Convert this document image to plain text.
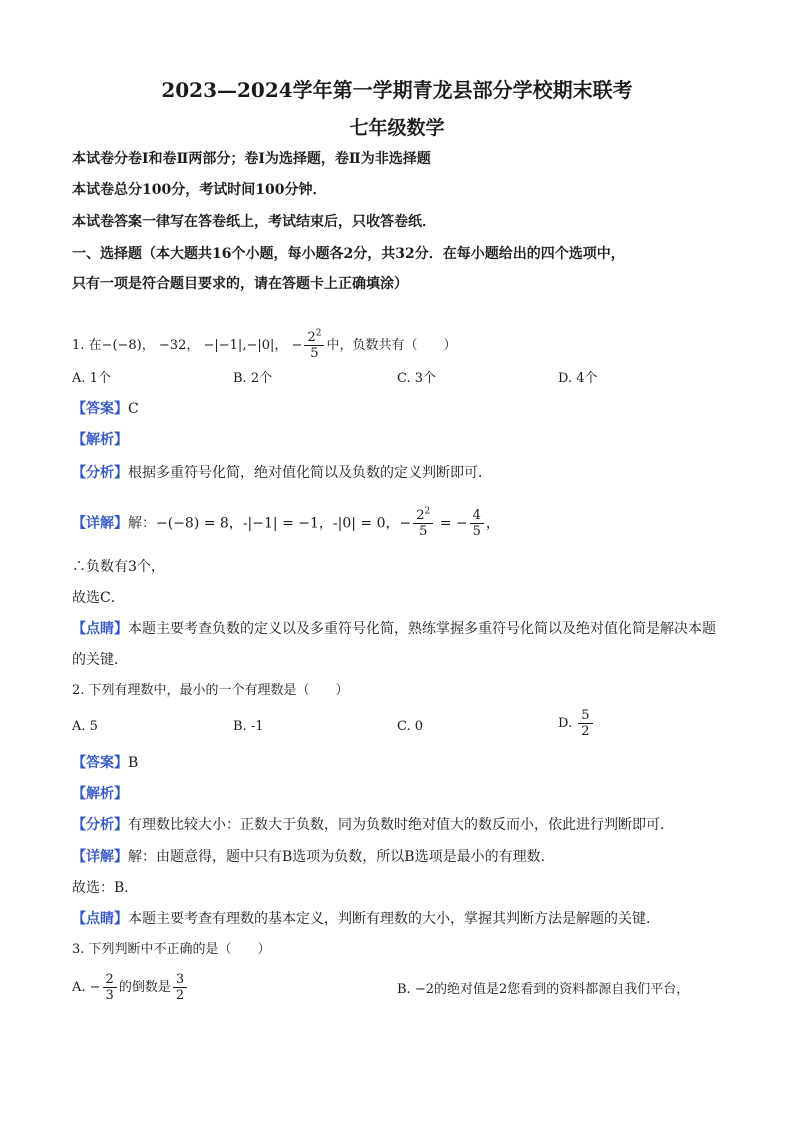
2023—2024学年第一学期青龙县部分学校期末联考
七年级数学
本试卷分卷Ⅰ和卷Ⅱ两部分；卷Ⅰ为选择题，卷Ⅱ为非选择题
本试卷总分100分，考试时间100分钟．
本试卷答案一律写在答卷纸上，考试结束后，只收答卷纸．
一、选择题（本大题共16个小题，每小题各2分，共32分．在每小题给出的四个选项中，
只有一项是符合题目要求的，请在答题卡上正确填涂）
1. 在−(−8)， −32， −|−1|,−|0|， − $\frac{2^2}{5}$ 中，负数共有（　　）
A. 1个	B. 2个	C. 3个	D. 4个
【答案】C
【解析】
【分析】根据多重符号化简，绝对值化简以及负数的定义判断即可．
【详解】解：−(−8) = 8，-|−1| = −1，-|0| = 0，− $\frac{2^2}{5}$ = − $\frac{4}{5}$ ，
∴负数有3个，
故选C．
【点睛】本题主要考查负数的定义以及多重符号化简，熟练掌握多重符号化简以及绝对值化简是解决本题
的关键．
2. 下列有理数中，最小的一个有理数是（　　）
A. 5	B. -1	C. 0	D. $\frac{5}{2}$
【答案】B
【解析】
【分析】有理数比较大小：正数大于负数，同为负数时绝对值大的数反而小，依此进行判断即可．
【详解】解：由题意得，题中只有B选项为负数，所以B选项是最小的有理数．
故选：B．
【点睛】本题主要考查有理数的基本定义，判断有理数的大小，掌握其判断方法是解题的关键．
3. 下列判断中不正确的是（　　）
A. − $\frac{2}{3}$ 的倒数是 $\frac{3}{2}$	B. −2的绝对值是2您看到的资料都源自我们平台，
